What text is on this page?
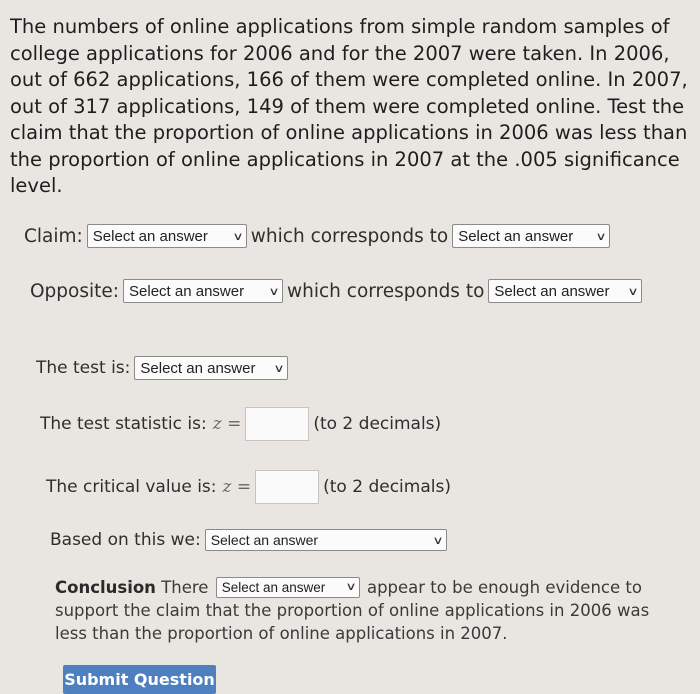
The numbers of online applications from simple random samples of college applications for 2006 and for the 2007 were taken. In 2006, out of 662 applications, 166 of them were completed online. In 2007, out of 317 applications, 149 of them were completed online. Test the claim that the proportion of online applications in 2006 was less than the proportion of online applications in 2007 at the .005 significance level.
Claim: Select an answer ∨ which corresponds to Select an answer ∨
Opposite: Select an answer ∨ which corresponds to Select an answer ∨
The test is: Select an answer ∨
The test statistic is: z =	(to 2 decimals)
The critical value is: z =	(to 2 decimals)
Based on this we: Select an answer	∨
Conclusion There Select an answer ∨ appear to be enough evidence to support the claim that the proportion of online applications in 2006 was less than the proportion of online applications in 2007.
Submit Question
